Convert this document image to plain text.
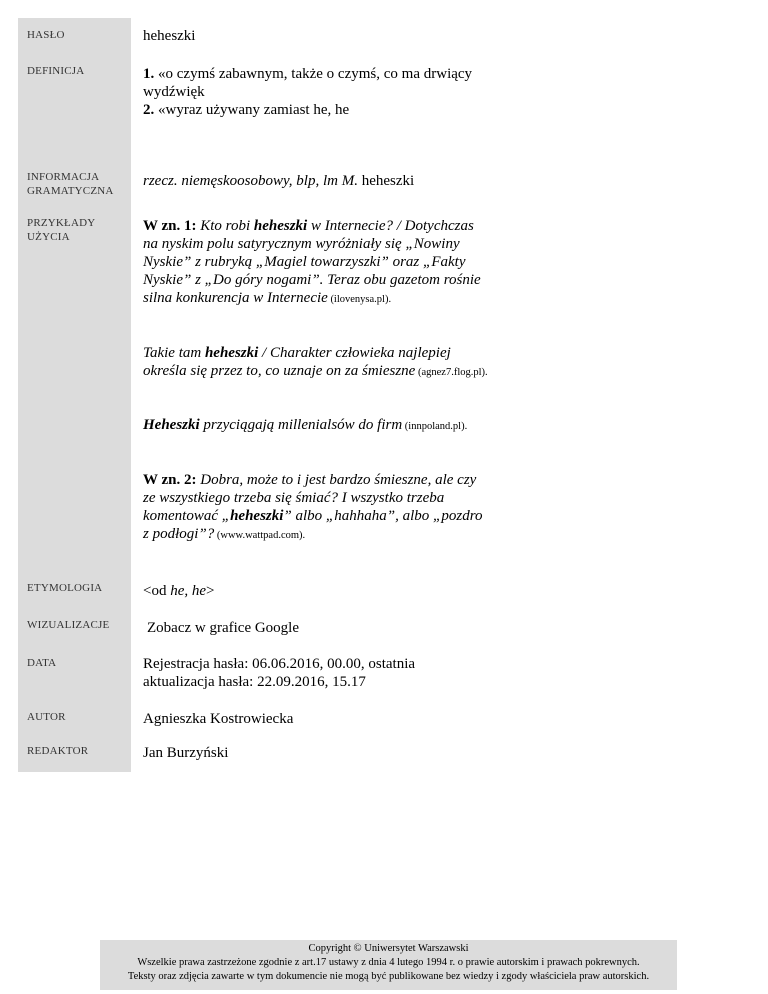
HASŁO
DEFINICJA
INFORMACJA
GRAMATYCZNA
PRZYKŁADY
UŻYCIA
ETYMOLOGIA
WIZUALIZACJE
DATA
AUTOR
REDAKTOR
heheszki
1. «o czymś zabawnym, także o czymś, co ma drwiący wydźwięk
2. «wyraz używany zamiast he, he
rzecz. niemęskoosobowy, blp, lm M. heheszki
W zn. 1: Kto robi heheszki w Internecie? / Dotychczas na nyskim polu satyrycznym wyróżniały się „Nowiny Nyskie” z rubryką „Magiel towarzyszki” oraz „Fakty Nyskie” z „Do góry nogami”. Teraz obu gazetom rośnie silna konkurencja w Internecie (ilovenysa.pl).
Takie tam heheszki / Charakter człowieka najlepiej określa się przez to, co uznaje on za śmieszne (agnez7.flog.pl).
Heheszki przyciągają millenialsów do firm (innpoland.pl).
W zn. 2: Dobra, może to i jest bardzo śmieszne, ale czy ze wszystkiego trzeba się śmiać? I wszystko trzeba komentować „heheszki” albo „hahhaha”, albo „pozdro z podłogi”? (www.wattpad.com).
<od he, he>
Zobacz w grafice Google
Rejestracja hasła: 06.06.2016, 00.00, ostatnia
aktualizacja hasła: 22.09.2016, 15.17
Agnieszka Kostrowiecka
Jan Burzyński
Copyright © Uniwersytet Warszawski
Wszelkie prawa zastrzeżone zgodnie z art.17 ustawy z dnia 4 lutego 1994 r. o prawie autorskim i prawach pokrewnych.
Teksty oraz zdjęcia zawarte w tym dokumencie nie mogą być publikowane bez wiedzy i zgody właściciela praw autorskich.
